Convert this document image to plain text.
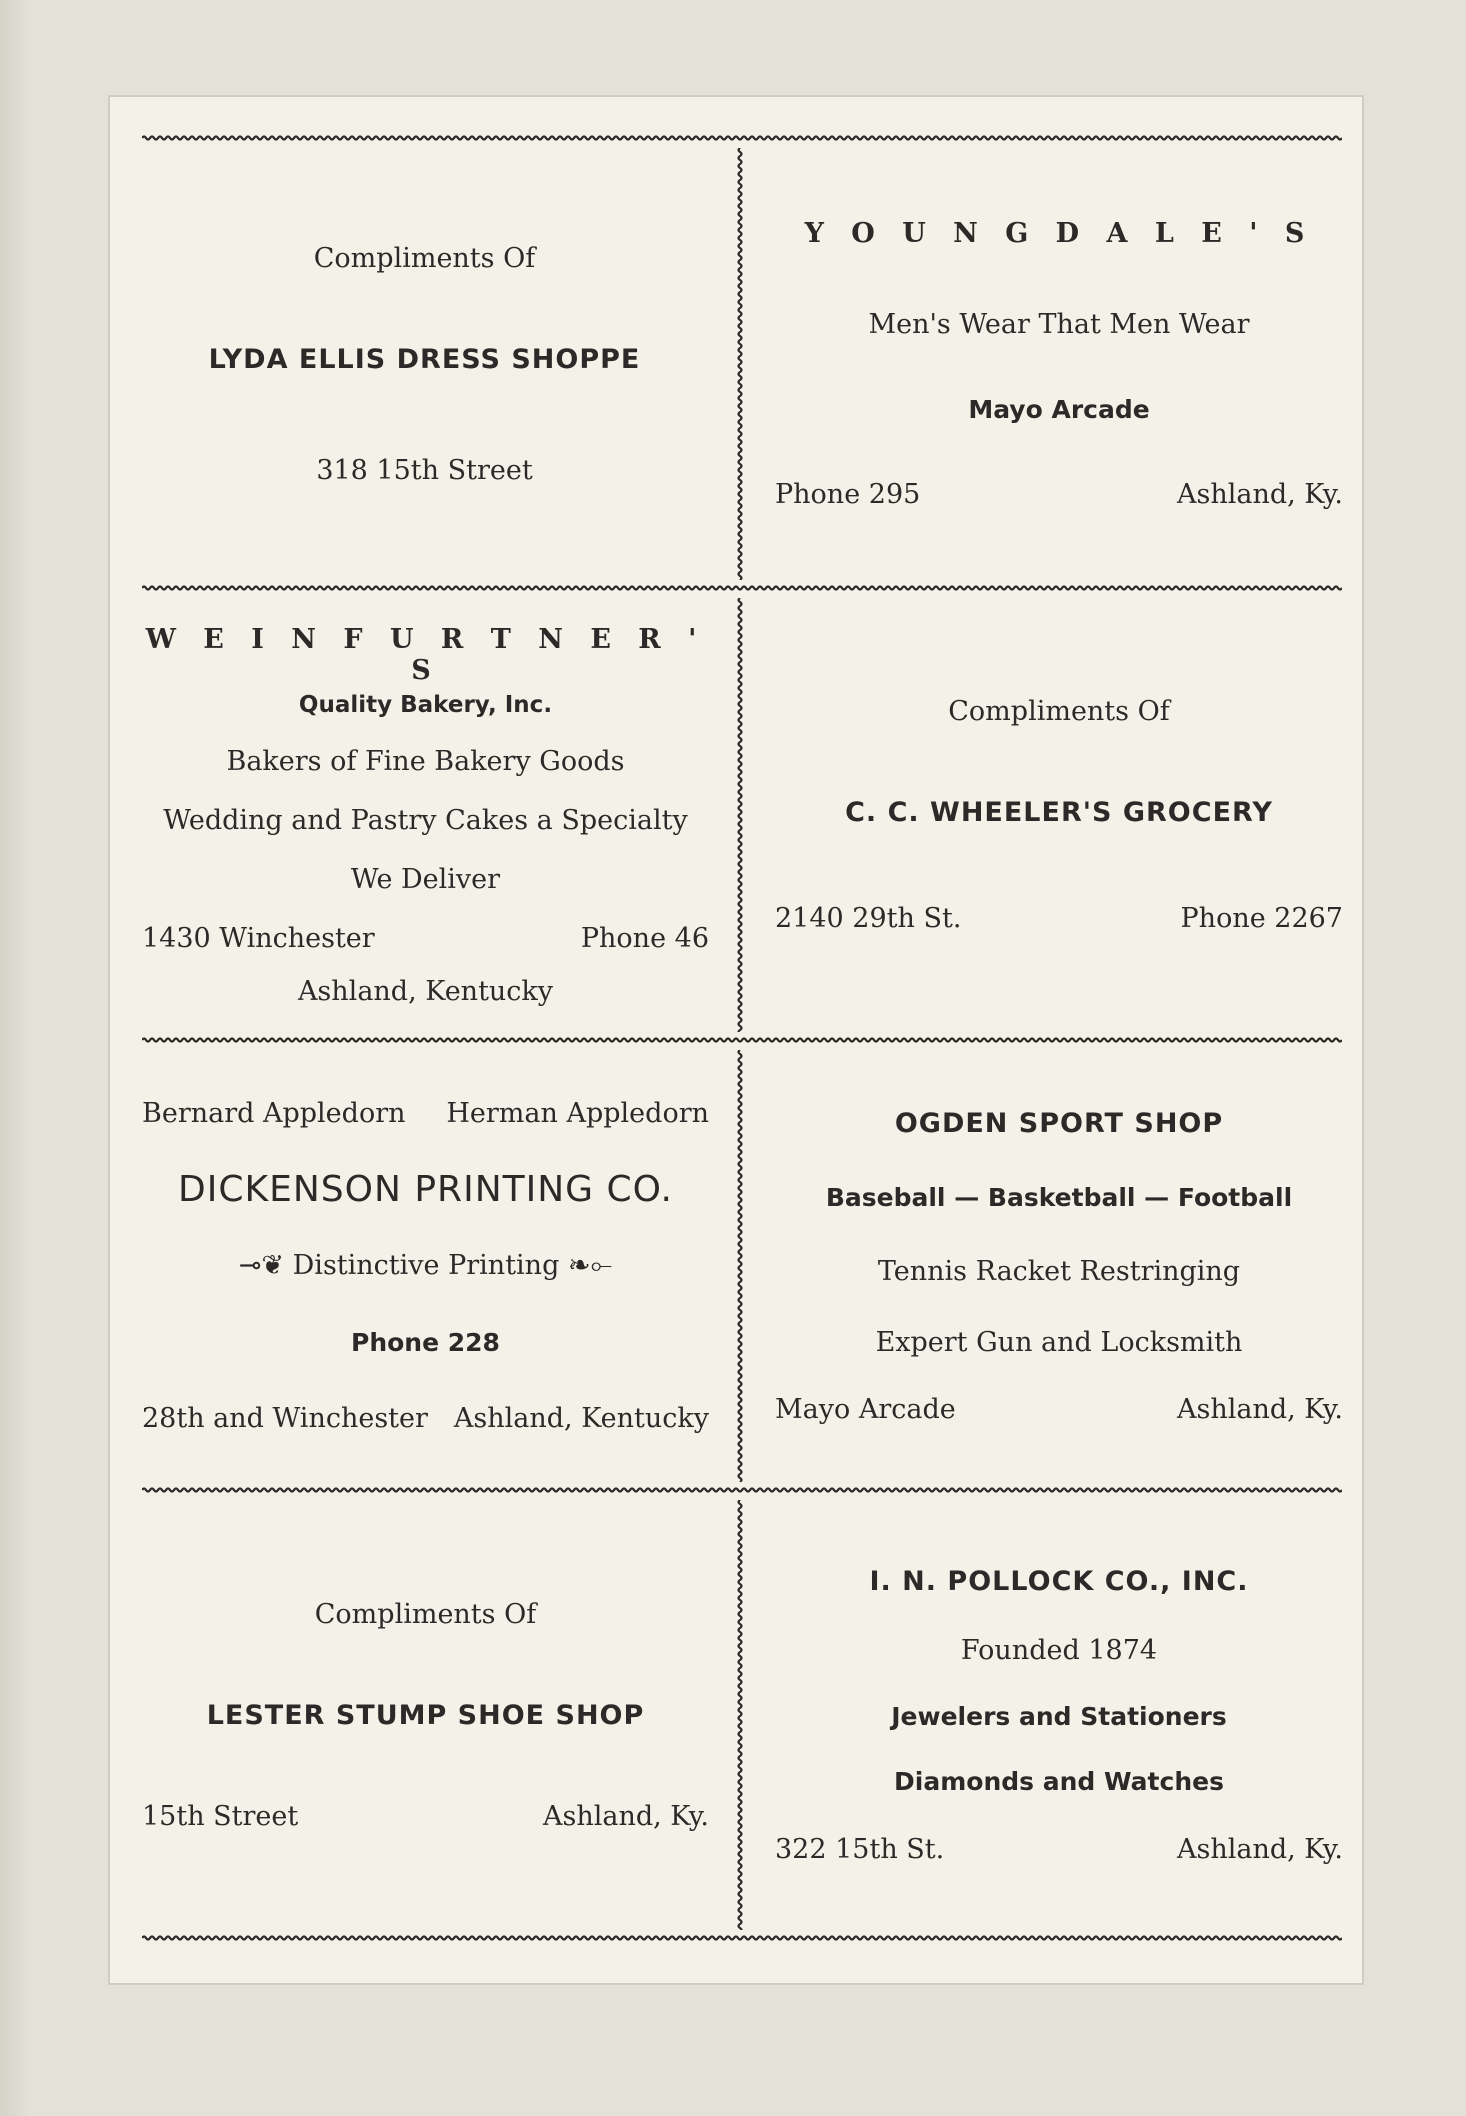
Compliments Of

LYDA ELLIS DRESS SHOPPE

318 15th Street

Y O U N G D A L E ' S

Men's Wear That Men Wear

Mayo Arcade

Phone 295	Ashland, Ky.

W E I N F U R T N E R ' S

Quality Bakery, Inc.

Bakers of Fine Bakery Goods

Wedding and Pastry Cakes a Specialty

We Deliver

1430 Winchester	Phone 46

Ashland, Kentucky

Compliments Of

C. C. WHEELER'S GROCERY

2140 29th St.	Phone 2267
Bernard Appledorn Herman Appledorn

DICKENSON PRINTING CO.

⊸❦ Distinctive Printing ❧⟜

Phone 228

28th and Winchester Ashland, Kentucky

OGDEN SPORT SHOP

Baseball — Basketball — Football

Tennis Racket Restringing

Expert Gun and Locksmith

Mayo Arcade	Ashland, Ky.

Compliments Of

LESTER STUMP SHOE SHOP

15th Street	Ashland, Ky.

I. N. POLLOCK CO., INC.

Founded 1874

Jewelers and Stationers

Diamonds and Watches

322 15th St.	Ashland, Ky.
